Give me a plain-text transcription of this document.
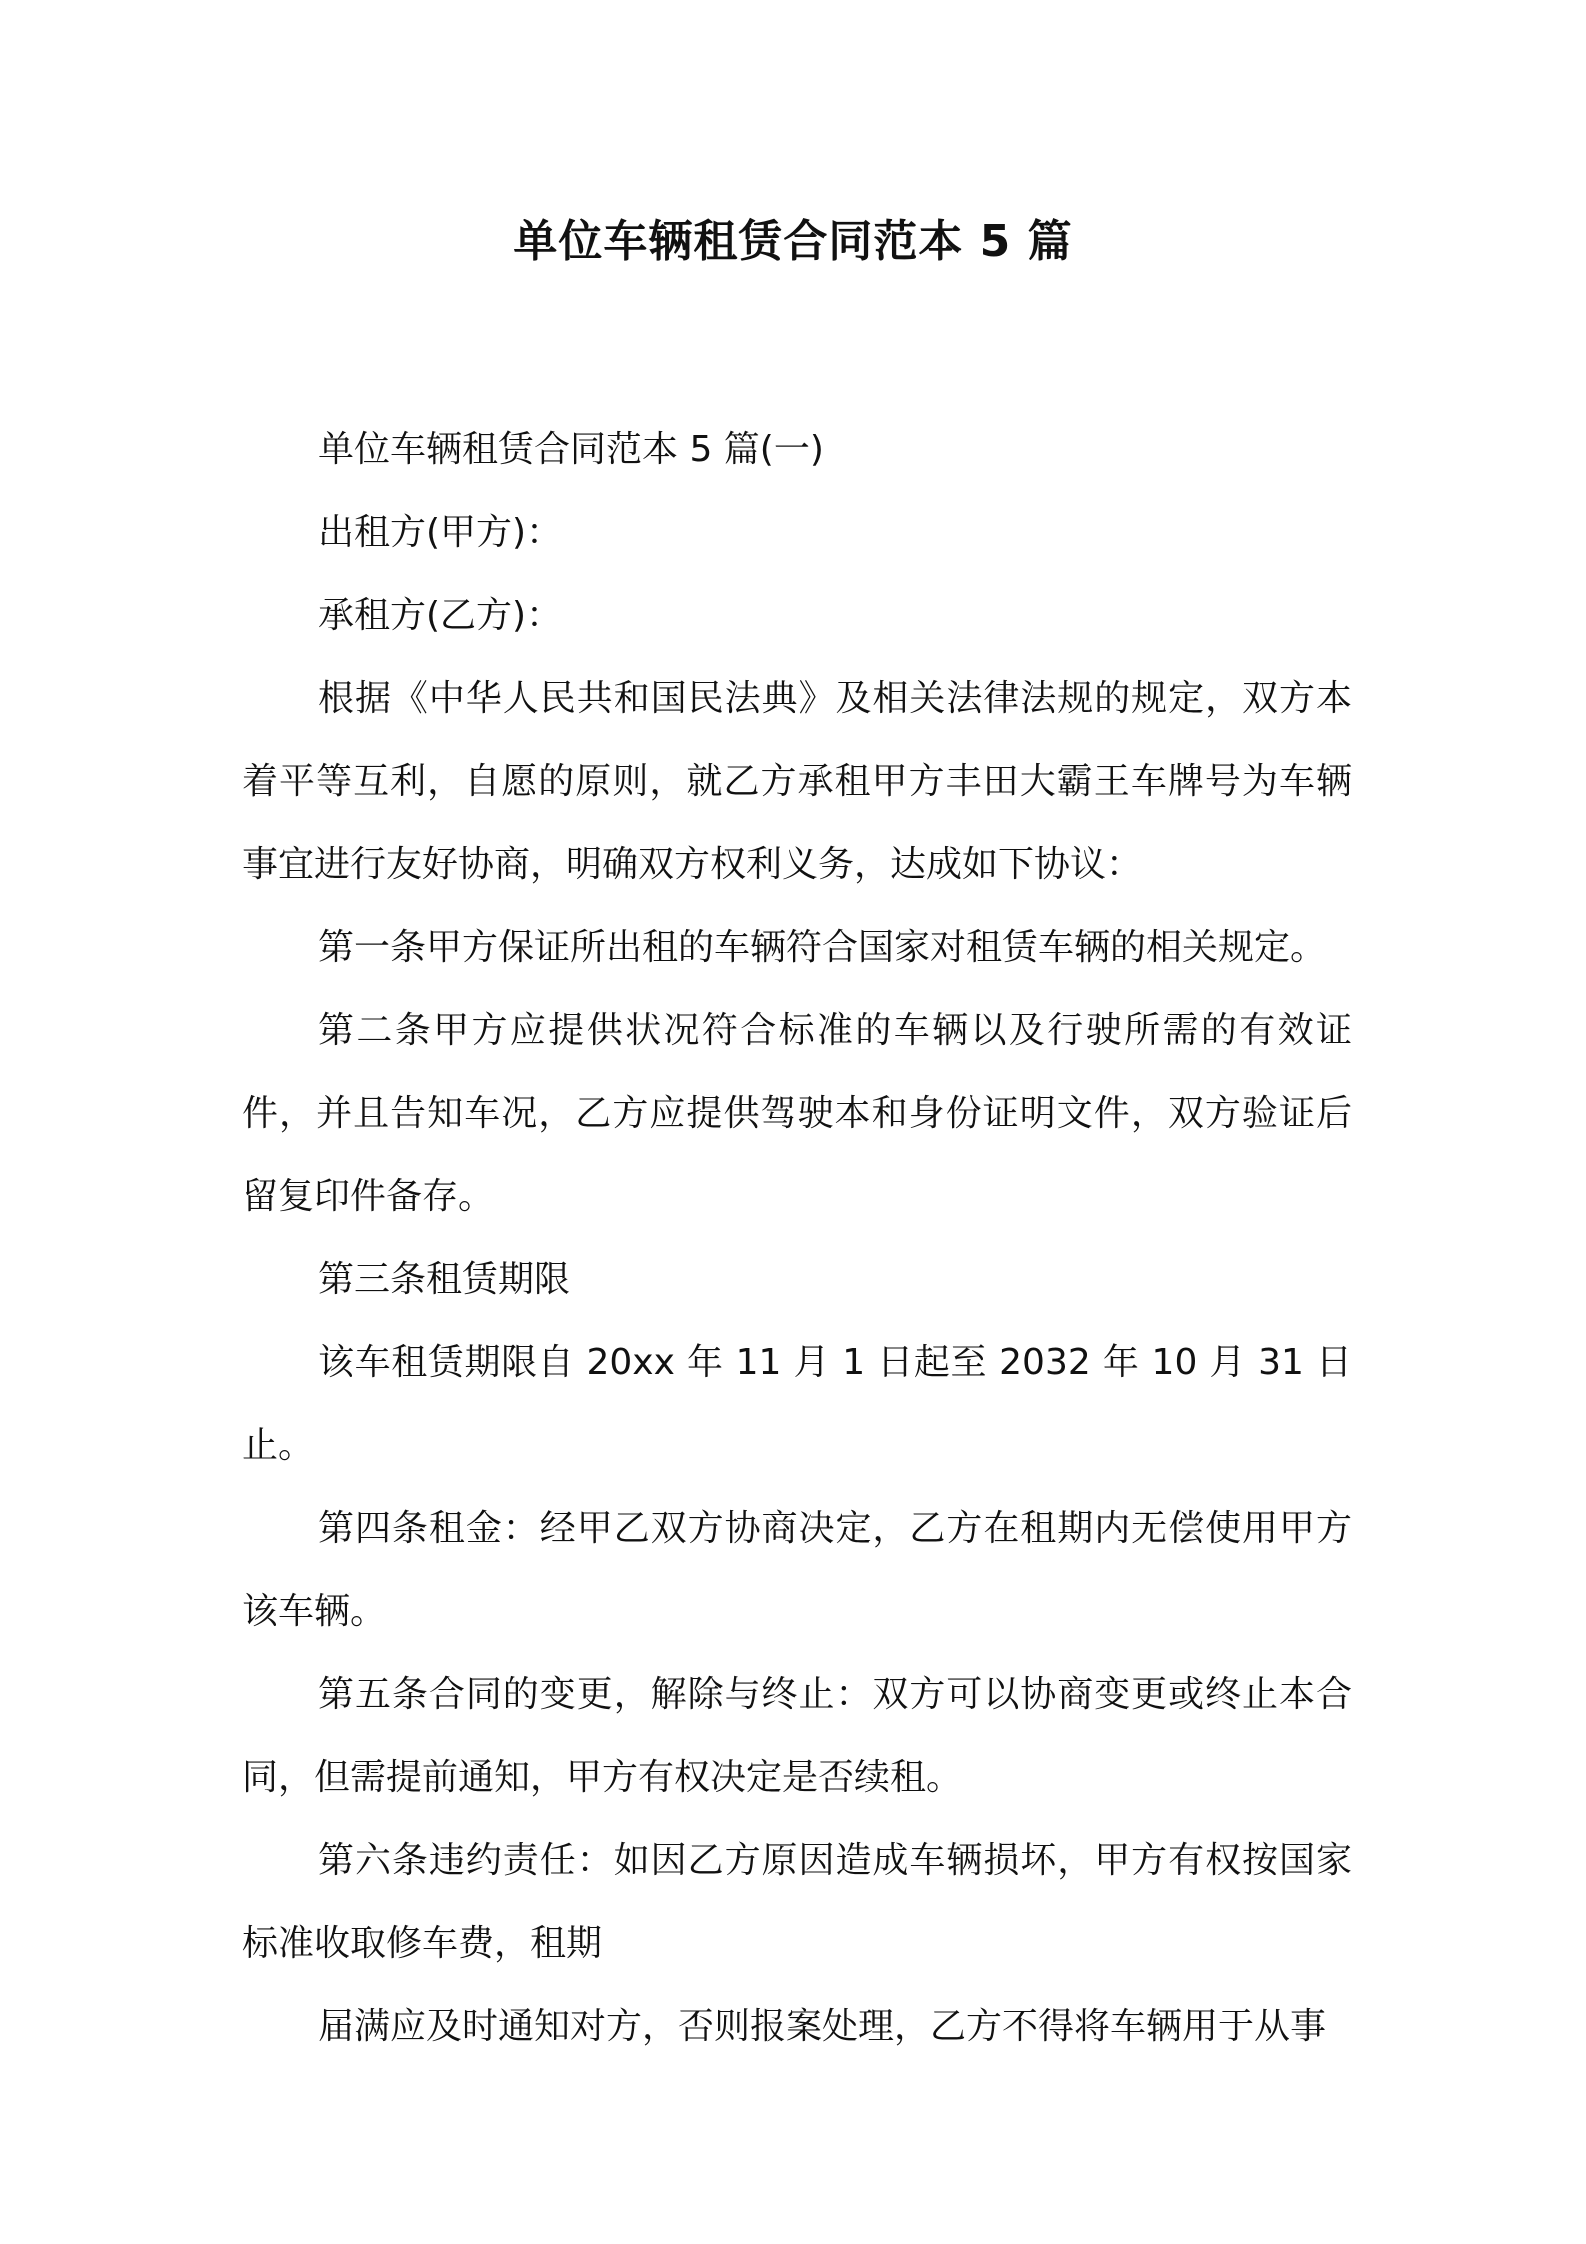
单位车辆租赁合同范本 5 篇

单位车辆租赁合同范本 5 篇(一)

出租方(甲方)：

承租方(乙方)：

根据《中华人民共和国民法典》及相关法律法规的规定，双方本着平等互利，自愿的原则，就乙方承租甲方丰田大霸王车牌号为车辆事宜进行友好协商，明确双方权利义务，达成如下协议：

第一条甲方保证所出租的车辆符合国家对租赁车辆的相关规定。

第二条甲方应提供状况符合标准的车辆以及行驶所需的有效证件，并且告知车况，乙方应提供驾驶本和身份证明文件，双方验证后留复印件备存。

第三条租赁期限

该车租赁期限自 20xx 年 11 月 1 日起至 2032 年 10 月 31 日止。

第四条租金：经甲乙双方协商决定，乙方在租期内无偿使用甲方该车辆。

第五条合同的变更，解除与终止：双方可以协商变更或终止本合同，但需提前通知，甲方有权决定是否续租。

第六条违约责任：如因乙方原因造成车辆损坏，甲方有权按国家标准收取修车费，租期

届满应及时通知对方，否则报案处理，乙方不得将车辆用于从事
